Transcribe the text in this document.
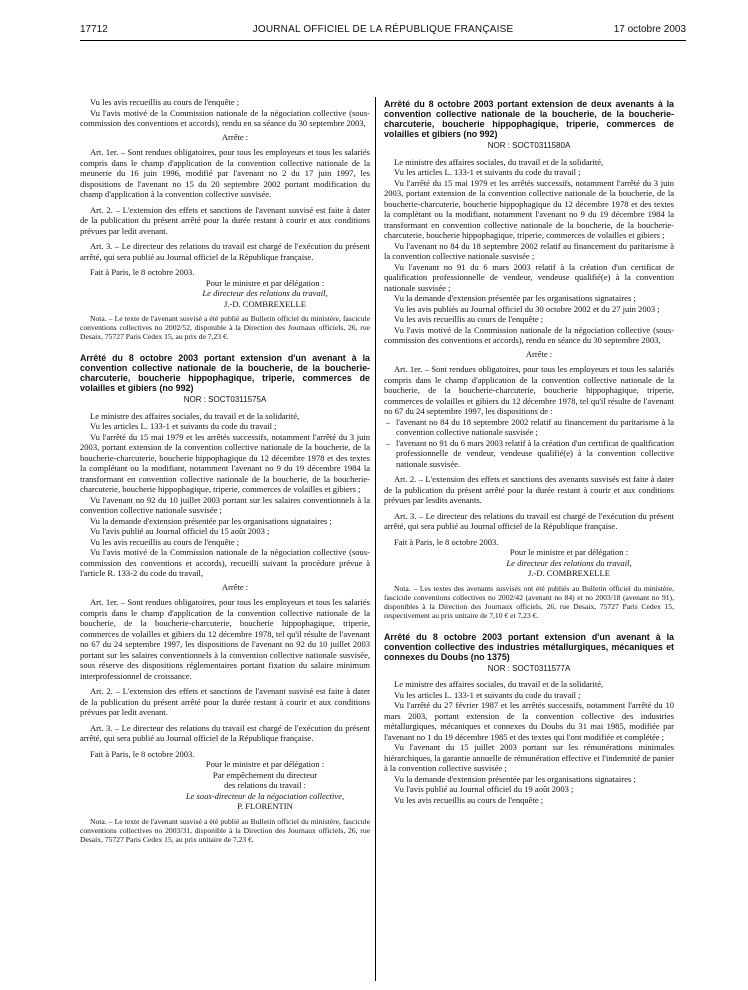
17712	JOURNAL OFFICIEL DE LA RÉPUBLIQUE FRANÇAISE	17 octobre 2003

Vu les avis recueillis au cours de l'enquête ;

Vu l'avis motivé de la Commission nationale de la négociation collective (sous-commission des conventions et accords), rendu en sa séance du 30 septembre 2003,

Arrête :

Art. 1er. – Sont rendues obligatoires, pour tous les employeurs et tous les salariés compris dans le champ d'application de la convention collective nationale de la meunerie du 16 juin 1996, modifié par l'avenant no 2 du 17 juin 1997, les dispositions de l'avenant no 15 du 20 septembre 2002 portant modification du champ d'application à la convention collective susvisée.

Art. 2. – L'extension des effets et sanctions de l'avenant susvisé est faite à dater de la publication du présent arrêté pour la durée restant à courir et aux conditions prévues par ledit avenant.

Art. 3. – Le directeur des relations du travail est chargé de l'exécution du présent arrêté, qui sera publié au Journal officiel de la République française.

Fait à Paris, le 8 octobre 2003.

Pour le ministre et par délégation :

Le directeur des relations du travail,

J.-D. COMBREXELLE

Nota. – Le texte de l'avenant susvisé a été publié au Bulletin officiel du ministère, fascicule conventions collectives no 2002/52, disponible à la Direction des Journaux officiels, 26, rue Desaix, 75727 Paris Cedex 15, au prix de 7,23 €.

Arrêté du 8 octobre 2003 portant extension d'un avenant à la convention collective nationale de la boucherie, de la boucherie-charcuterie, boucherie hippophagique, triperie, commerces de volailles et gibiers (no 992)

NOR : SOCT0311575A

Le ministre des affaires sociales, du travail et de la solidarité,

Vu les articles L. 133-1 et suivants du code du travail ;

Vu l'arrêté du 15 mai 1979 et les arrêtés successifs, notamment l'arrêté du 3 juin 2003, portant extension de la convention collective nationale de la boucherie, de la boucherie-charcuterie, boucherie hippophagique du 12 décembre 1978 et des textes la complétant ou la modifiant, notamment l'avenant no 9 du 19 décembre 1984 la transformant en convention collective nationale de la boucherie, de la boucherie-charcuterie, boucherie hippophagique, triperie, commerces de volailles et gibiers ;

Vu l'avenant no 92 du 10 juillet 2003 portant sur les salaires conventionnels à la convention collective nationale susvisée ;

Vu la demande d'extension présentée par les organisations signataires ;

Vu l'avis publié au Journal officiel du 15 août 2003 ;

Vu les avis recueillis au cours de l'enquête ;

Vu l'avis motivé de la Commission nationale de la négociation collective (sous-commission des conventions et accords), recueilli suivant la procédure prévue à l'article R. 133-2 du code du travail,

Arrête :

Art. 1er. – Sont rendues obligatoires, pour tous les employeurs et tous les salariés compris dans le champ d'application de la convention collective nationale de la boucherie, de la boucherie-charcuterie, boucherie hippophagique, triperie, commerces de volailles et gibiers du 12 décembre 1978, tel qu'il résulte de l'avenant no 67 du 24 septembre 1997, les dispositions de l'avenant no 92 du 10 juillet 2003 portant sur les salaires conventionnels à la convention collective nationale susvisée, sous réserve des dispositions réglementaires portant fixation du salaire minimum interprofessionnel de croissance.

Art. 2. – L'extension des effets et sanctions de l'avenant susvisé est faite à dater de la publication du présent arrêté pour la durée restant à courir et aux conditions prévues par ledit avenant.

Art. 3. – Le directeur des relations du travail est chargé de l'exécution du présent arrêté, qui sera publié au Journal officiel de la République française.

Fait à Paris, le 8 octobre 2003.

Pour le ministre et par délégation :

Par empêchement du directeur

des relations du travail :

Le sous-directeur de la négociation collective,

P. FLORENTIN

Nota. – Le texte de l'avenant susvisé a été publié au Bulletin officiel du ministère, fascicule conventions collectives no 2003/31, disponible à la Direction des Journaux officiels, 26, rue Desaix, 75727 Paris Cedex 15, au prix unitaire de 7,23 €.

Arrêté du 8 octobre 2003 portant extension de deux avenants à la convention collective nationale de la boucherie, de la boucherie-charcuterie, boucherie hippophagique, triperie, commerces de volailles et gibiers (no 992)

NOR : SOCT0311580A

Le ministre des affaires sociales, du travail et de la solidarité,

Vu les articles L. 133-1 et suivants du code du travail ;

Vu l'arrêté du 15 mai 1979 et les arrêtés successifs, notamment l'arrêté du 3 juin 2003, portant extension de la convention collective nationale de la boucherie, de la boucherie-charcuterie, boucherie hippophagique du 12 décembre 1978 et des textes la complétant ou la modifiant, notamment l'avenant no 9 du 19 décembre 1984 la transformant en convention collective nationale de la boucherie, de la boucherie-charcuterie, boucherie hippophagique, triperie, commerces de volailles et gibiers ;

Vu l'avenant no 84 du 18 septembre 2002 relatif au financement du paritarisme à la convention collective nationale susvisée ;

Vu l'avenant no 91 du 6 mars 2003 relatif à la création d'un certificat de qualification professionnelle de vendeur, vendeuse qualifié(e) à la convention nationale susvisée ;

Vu la demande d'extension présentée par les organisations signataires ;

Vu les avis publiés au Journal officiel du 30 octobre 2002 et du 27 juin 2003 ;

Vu les avis recueillis au cours de l'enquête ;

Vu l'avis motivé de la Commission nationale de la négociation collective (sous-commission des conventions et accords), rendu en séance du 30 septembre 2003,

Arrête :

Art. 1er. – Sont rendues obligatoires, pour tous les employeurs et tous les salariés compris dans le champ d'application de la convention collective nationale de la boucherie, de la boucherie-charcuterie, boucherie hippophagique, triperie, commerces de volailles et gibiers du 12 décembre 1978, tel qu'il résulte de l'avenant no 67 du 24 septembre 1997, les dispositions de :

– l'avenant no 84 du 18 septembre 2002 relatif au financement du paritarisme à la convention collective nationale susvisée ;

– l'avenant no 91 du 6 mars 2003 relatif à la création d'un certificat de qualification professionnelle de vendeur, vendeuse qualifié(e) à la convention collective nationale susvisée.

Art. 2. – L'extension des effets et sanctions des avenants susvisés est faite à dater de la publication du présent arrêté pour la durée restant à courir et aux conditions prévues par lesdits avenants.

Art. 3. – Le directeur des relations du travail est chargé de l'exécution du présent arrêté, qui sera publié au Journal officiel de la République française.

Fait à Paris, le 8 octobre 2003.

Pour le ministre et par délégation :

Le directeur des relations du travail,

J.-D. COMBREXELLE

Nota. – Les textes des avenants susvisés ont été publiés au Bulletin officiel du ministère, fascicule conventions collectives no 2002/42 (avenant no 84) et no 2003/18 (avenant no 91), disponibles à la Direction des Journaux officiels, 26, rue Desaix, 75727 Paris Cedex 15, respectivement au prix unitaire de 7,10 € et 7,23 €.

Arrêté du 8 octobre 2003 portant extension d'un avenant à la convention collective des industries métallurgiques, mécaniques et connexes du Doubs (no 1375)

NOR : SOCT0311577A

Le ministre des affaires sociales, du travail et de la solidarité,

Vu les articles L. 133-1 et suivants du code du travail ;

Vu l'arrêté du 27 février 1987 et les arrêtés successifs, notamment l'arrêté du 10 mars 2003, portant extension de la convention collective des industries métallurgiques, mécaniques et connexes du Doubs du 31 mai 1985, modifiée par l'avenant no 1 du 19 décembre 1985 et des textes qui l'ont modifiée et complétée ;

Vu l'avenant du 15 juillet 2003 portant sur les rémunérations minimales hiérarchiques, la garantie annuelle de rémunération effective et l'indemnité de panier à la convention collective susvisée ;

Vu la demande d'extension présentée par les organisations signataires ;

Vu l'avis publié au Journal officiel du 19 août 2003 ;

Vu les avis recueillis au cours de l'enquête ;
